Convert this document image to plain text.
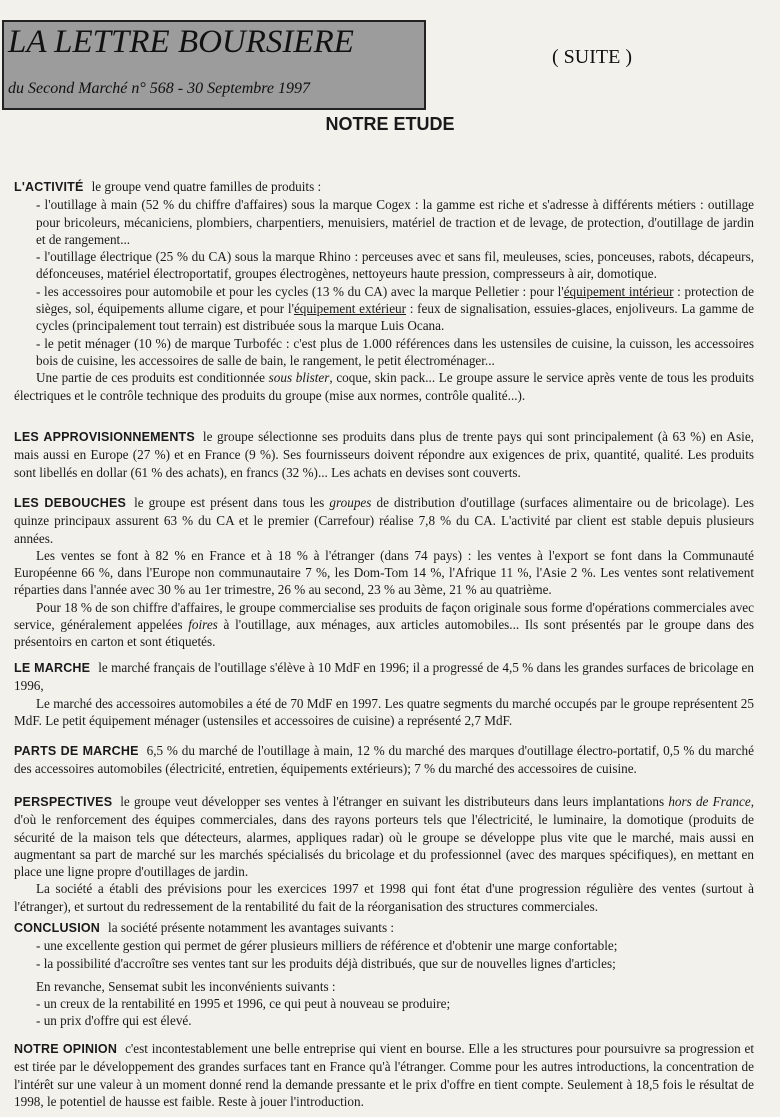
LA LETTRE BOURSIERE
du Second Marché n° 568 - 30 Septembre 1997
( SUITE )
NOTRE ETUDE

L'ACTIVITÉ le groupe vend quatre familles de produits :

- l'outillage à main (52 % du chiffre d'affaires) sous la marque Cogex : la gamme est riche et s'adresse à différents métiers : outillage pour bricoleurs, mécaniciens, plombiers, charpentiers, menuisiers, matériel de traction et de levage, de protection, d'outillage de jardin et de rangement...

- l'outillage électrique (25 % du CA) sous la marque Rhino : perceuses avec et sans fil, meuleuses, scies, ponceuses, rabots, décapeurs, défonceuses, matériel électroportatif, groupes électrogènes, nettoyeurs haute pression, compresseurs à air, domotique.

- les accessoires pour automobile et pour les cycles (13 % du CA) avec la marque Pelletier : pour l'équipement intérieur : protection de sièges, sol, équipements allume cigare, et pour l'équipement extérieur : feux de signalisation, essuies-glaces, enjoliveurs. La gamme de cycles (principalement tout terrain) est distribuée sous la marque Luis Ocana.

- le petit ménager (10 %) de marque Turboféc : c'est plus de 1.000 références dans les ustensiles de cuisine, la cuisson, les accessoires bois de cuisine, les accessoires de salle de bain, le rangement, le petit électroménager...

Une partie de ces produits est conditionnée sous blister, coque, skin pack... Le groupe assure le service après vente de tous les produits électriques et le contrôle technique des produits du groupe (mise aux normes, contrôle qualité...).

LES APPROVISIONNEMENTS le groupe sélectionne ses produits dans plus de trente pays qui sont principalement (à 63 %) en Asie, mais aussi en Europe (27 %) et en France (9 %). Ses fournisseurs doivent répondre aux exigences de prix, quantité, qualité. Les produits sont libellés en dollar (61 % des achats), en francs (32 %)... Les achats en devises sont couverts.

LES DEBOUCHES le groupe est présent dans tous les groupes de distribution d'outillage (surfaces alimentaire ou de bricolage). Les quinze principaux assurent 63 % du CA et le premier (Carrefour) réalise 7,8 % du CA. L'activité par client est stable depuis plusieurs années.

Les ventes se font à 82 % en France et à 18 % à l'étranger (dans 74 pays) : les ventes à l'export se font dans la Communauté Européenne 66 %, dans l'Europe non communautaire 7 %, les Dom-Tom 14 %, l'Afrique 11 %, l'Asie 2 %. Les ventes sont relativement réparties dans l'année avec 30 % au 1er trimestre, 26 % au second, 23 % au 3ème, 21 % au quatrième.

Pour 18 % de son chiffre d'affaires, le groupe commercialise ses produits de façon originale sous forme d'opérations commerciales avec service, généralement appelées foires à l'outillage, aux ménages, aux articles automobiles... Ils sont présentés par le groupe dans des présentoirs en carton et sont étiquetés.

LE MARCHE le marché français de l'outillage s'élève à 10 MdF en 1996; il a progressé de 4,5 % dans les grandes surfaces de bricolage en 1996,

Le marché des accessoires automobiles a été de 70 MdF en 1997. Les quatre segments du marché occupés par le groupe représentent 25 MdF. Le petit équipement ménager (ustensiles et accessoires de cuisine) a représenté 2,7 MdF.

PARTS DE MARCHE 6,5 % du marché de l'outillage à main, 12 % du marché des marques d'outillage électro-portatif, 0,5 % du marché des accessoires automobiles (électricité, entretien, équipements extérieurs); 7 % du marché des accessoires de cuisine.

PERSPECTIVES le groupe veut développer ses ventes à l'étranger en suivant les distributeurs dans leurs implantations hors de France, d'où le renforcement des équipes commerciales, dans des rayons porteurs tels que l'électricité, le luminaire, la domotique (produits de sécurité de la maison tels que détecteurs, alarmes, appliques radar) où le groupe se développe plus vite que le marché, mais aussi en augmentant sa part de marché sur les marchés spécialisés du bricolage et du professionnel (avec des marques spécifiques), en mettant en place une ligne propre d'outillages de jardin.

La société a établi des prévisions pour les exercices 1997 et 1998 qui font état d'une progression régulière des ventes (surtout à l'étranger), et surtout du redressement de la rentabilité du fait de la réorganisation des structures commerciales.

CONCLUSION la société présente notamment les avantages suivants :

- une excellente gestion qui permet de gérer plusieurs milliers de référence et d'obtenir une marge confortable;

- la possibilité d'accroître ses ventes tant sur les produits déjà distribués, que sur de nouvelles lignes d'articles;

En revanche, Sensemat subit les inconvénients suivants :

- un creux de la rentabilité en 1995 et 1996, ce qui peut à nouveau se produire;

- un prix d'offre qui est élevé.

NOTRE OPINION c'est incontestablement une belle entreprise qui vient en bourse. Elle a les structures pour poursuivre sa progression et est tirée par le développement des grandes surfaces tant en France qu'à l'étranger. Comme pour les autres introductions, la concentration de l'intérêt sur une valeur à un moment donné rend la demande pressante et le prix d'offre en tient compte. Seulement à 18,5 fois le résultat de 1998, le potentiel de hausse est faible. Reste à jouer l'introduction.
